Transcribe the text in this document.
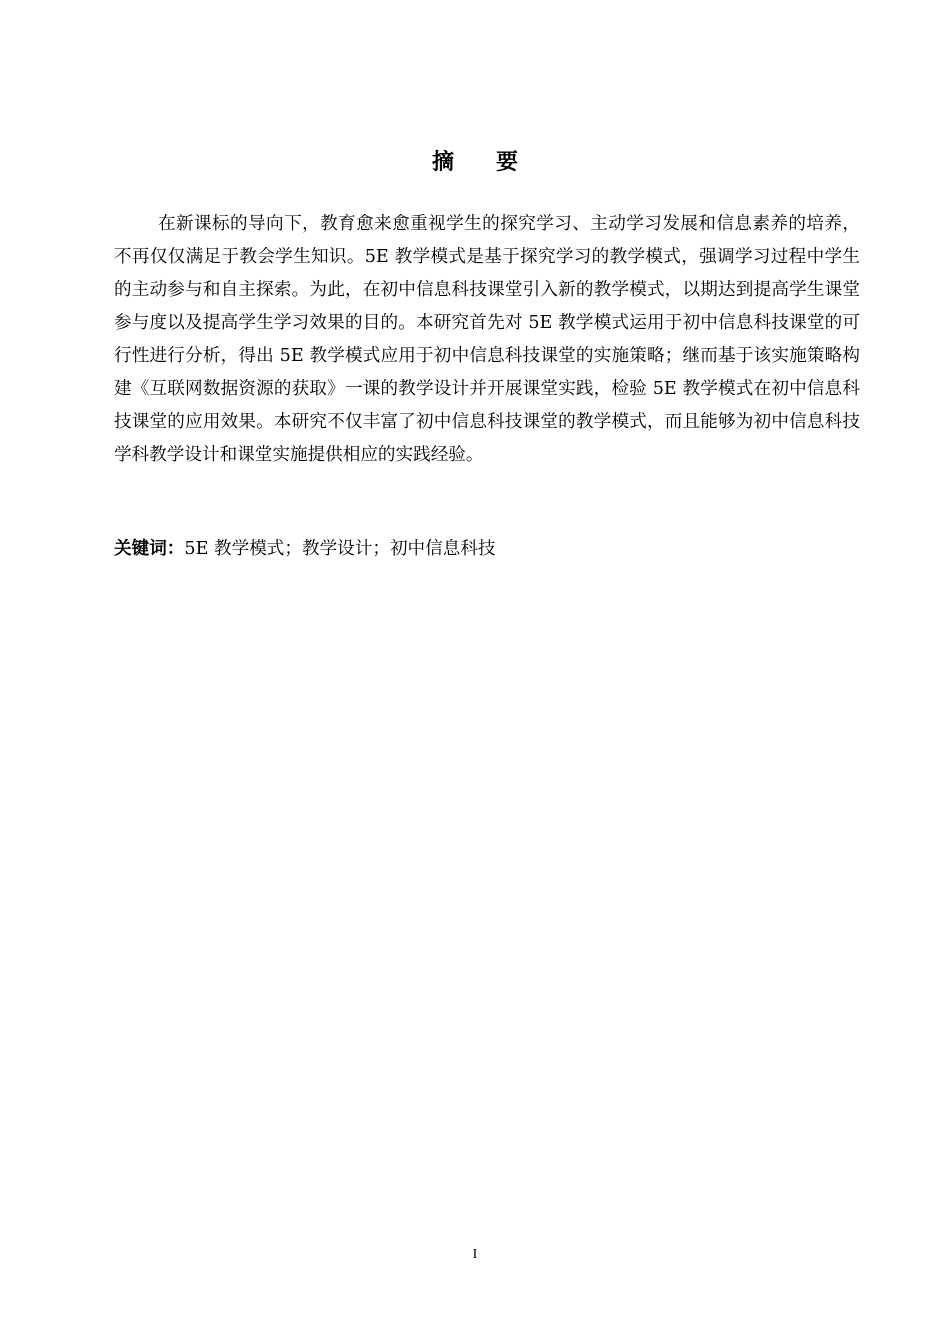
摘要

在新课标的导向下，教育愈来愈重视学生的探究学习、主动学习发展和信息素养的培养，不再仅仅满足于教会学生知识。5E 教学模式是基于探究学习的教学模式，强调学习过程中学生的主动参与和自主探索。为此，在初中信息科技课堂引入新的教学模式，以期达到提高学生课堂参与度以及提高学生学习效果的目的。本研究首先对 5E 教学模式运用于初中信息科技课堂的可行性进行分析，得出 5E 教学模式应用于初中信息科技课堂的实施策略；继而基于该实施策略构建《互联网数据资源的获取》一课的教学设计并开展课堂实践，检验 5E 教学模式在初中信息科技课堂的应用效果。本研究不仅丰富了初中信息科技课堂的教学模式，而且能够为初中信息科技学科教学设计和课堂实施提供相应的实践经验。

关键词：5E 教学模式；教学设计；初中信息科技

I
